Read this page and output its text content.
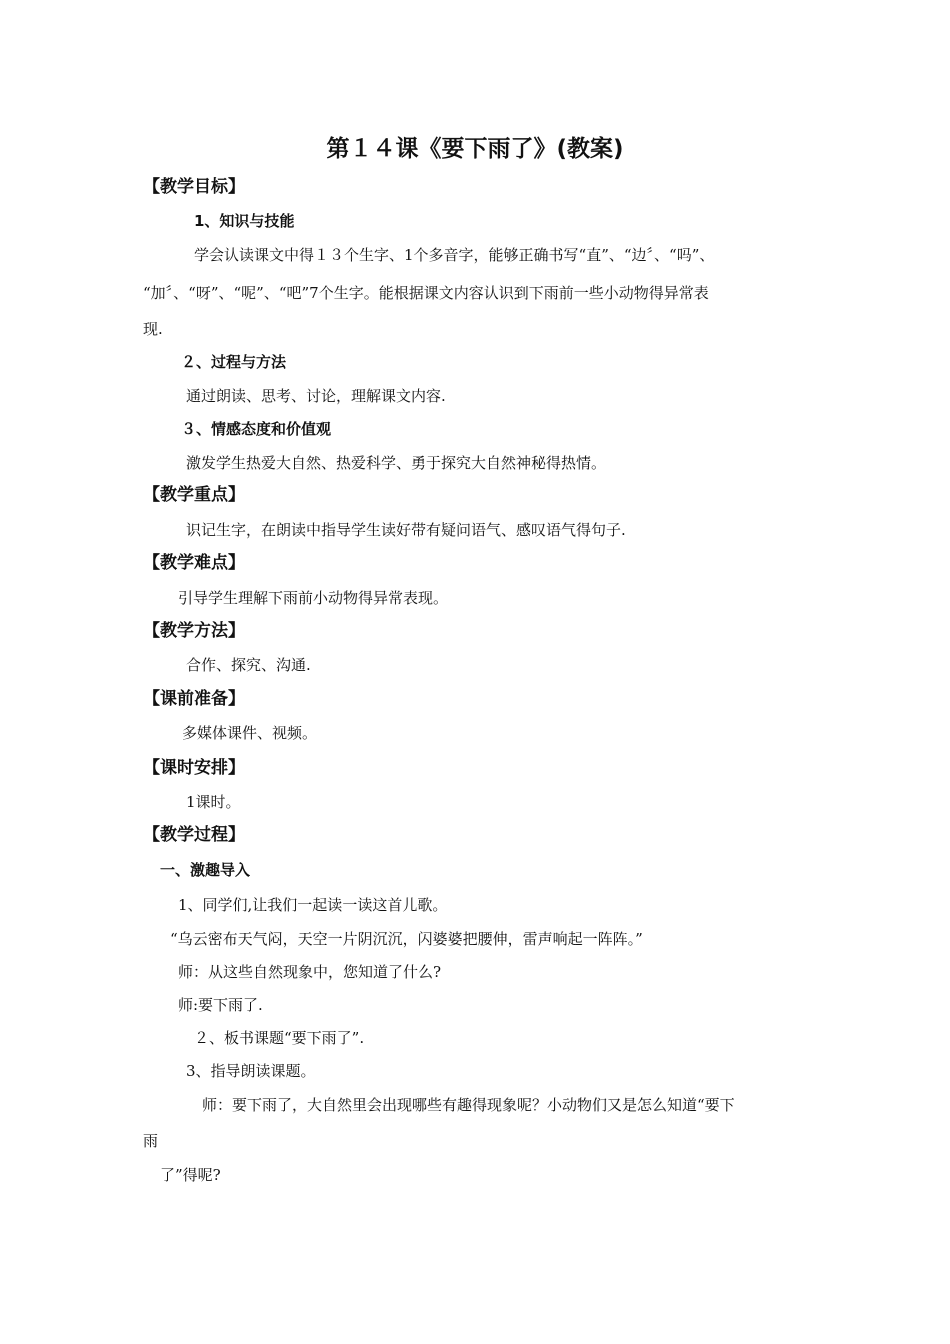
第１４课《要下雨了》(教案)
【教学目标】
1、知识与技能
学会认读课文中得１３个生字、1个多音字，能够正确书写“直”、“边〞、“吗”、
“加〞、“呀”、“呢”、“吧”7个生字。能根据课文内容认识到下雨前一些小动物得异常表
现.
２、过程与方法
通过朗读、思考、讨论，理解课文内容.
３、情感态度和价值观
激发学生热爱大自然、热爱科学、勇于探究大自然神秘得热情。
【教学重点】
识记生字，在朗读中指导学生读好带有疑问语气、感叹语气得句子.
【教学难点】
引导学生理解下雨前小动物得异常表现。
【教学方法】
合作、探究、沟通.
【课前准备】
多媒体课件、视频。
【课时安排】
1课时。
【教学过程】
一、激趣导入
1、同学们,让我们一起读一读这首儿歌。
“乌云密布天气闷，天空一片阴沉沉，闪婆婆把腰伸，雷声响起一阵阵。”
师：从这些自然现象中，您知道了什么?
师:要下雨了.
２、板书课题“要下雨了”.
3、指导朗读课题。
师：要下雨了，大自然里会出现哪些有趣得现象呢？小动物们又是怎么知道“要下
雨
了”得呢?
